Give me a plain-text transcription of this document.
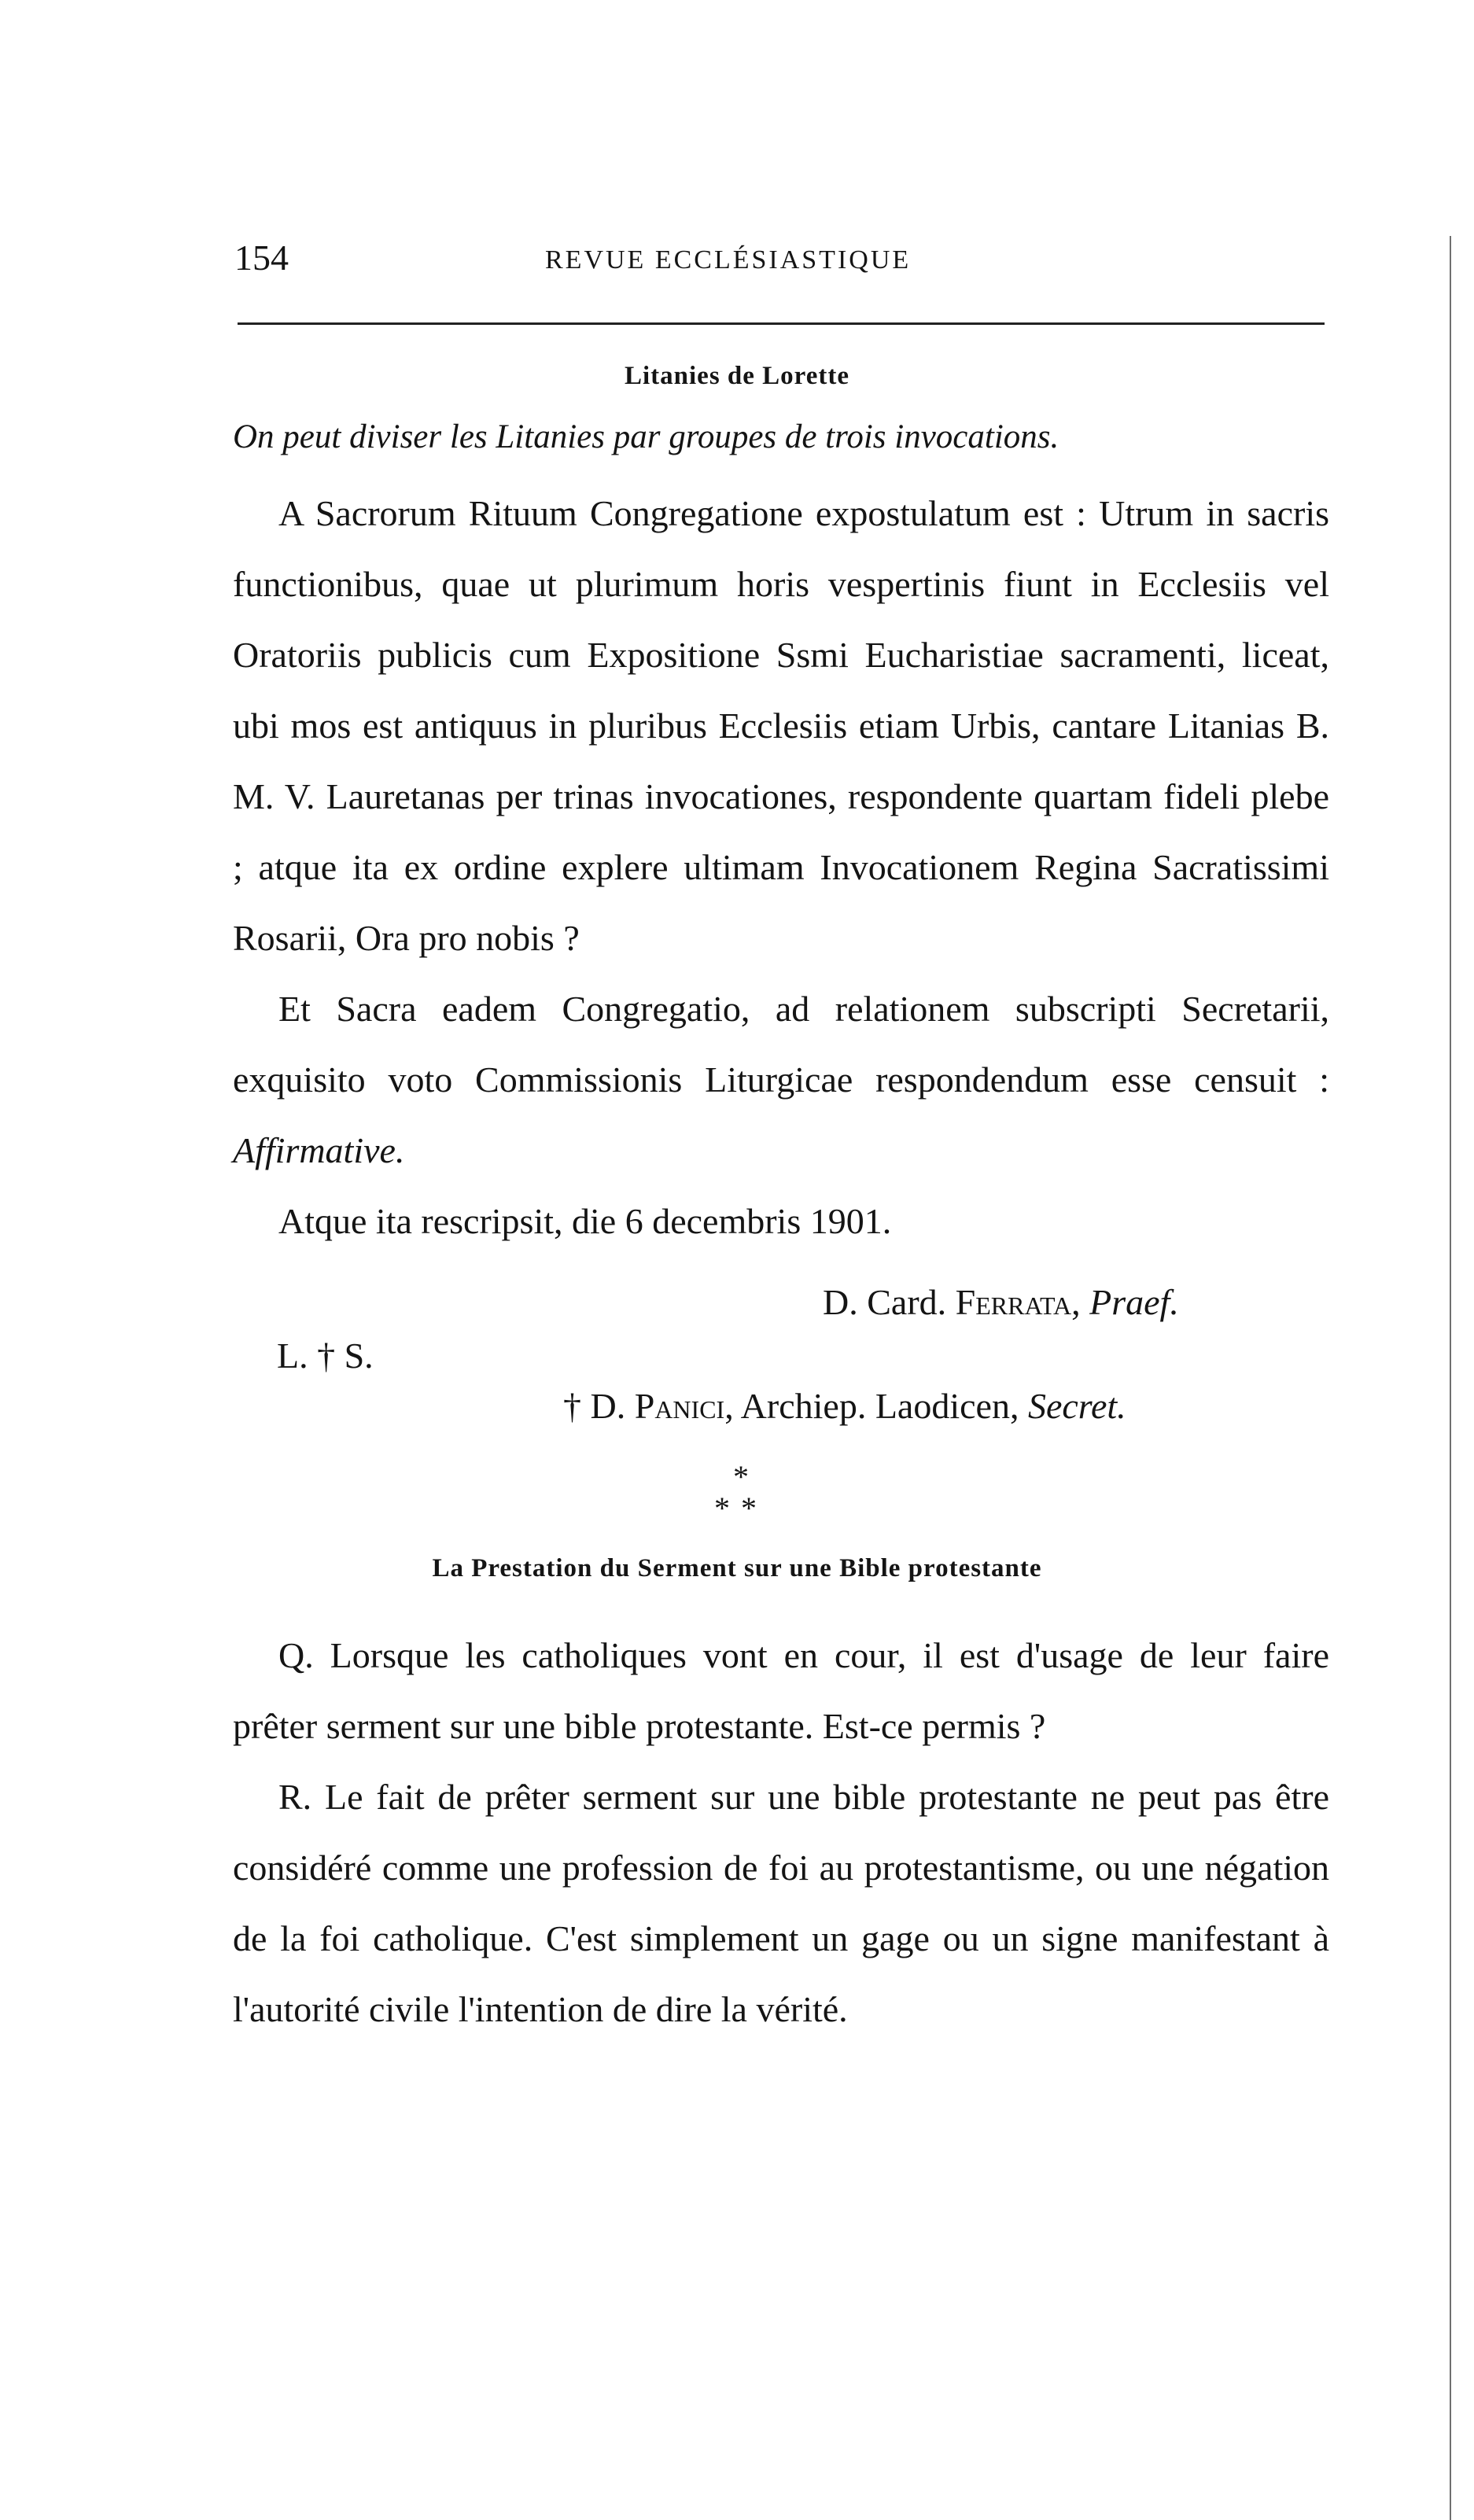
154	REVUE ECCLÉSIASTIQUE
Litanies de Lorette
On peut diviser les Litanies par groupes de trois invocations.

A Sacrorum Rituum Congregatione expostulatum est : Utrum in sacris functionibus, quae ut plurimum horis vespertinis fiunt in Ecclesiis vel Oratoriis publicis cum Expositione Ssmi Eucharistiae sacramenti, liceat, ubi mos est antiquus in pluribus Ecclesiis etiam Urbis, cantare Litanias B. M. V. Lauretanas per trinas invocationes, respondente quartam fideli plebe ; atque ita ex ordine explere ultimam Invocationem Regina Sacratissimi Rosarii, Ora pro nobis ?

Et Sacra eadem Congregatio, ad relationem subscripti Secretarii, exquisito voto Commissionis Liturgicae respondendum esse censuit : Affirmative.

Atque ita rescripsit, die 6 decembris 1901.

D. Card. Ferrata, Praef.
L. † S.
† D. Panici, Archiep. Laodicen, Secret.
*
**
La Prestation du Serment sur une Bible protestante

Q. Lorsque les catholiques vont en cour, il est d'usage de leur faire prêter serment sur une bible protestante. Est-ce permis ?

R. Le fait de prêter serment sur une bible protestante ne peut pas être considéré comme une profession de foi au protestantisme, ou une négation de la foi catholique. C'est simplement un gage ou un signe manifestant à l'autorité civile l'intention de dire la vérité.
